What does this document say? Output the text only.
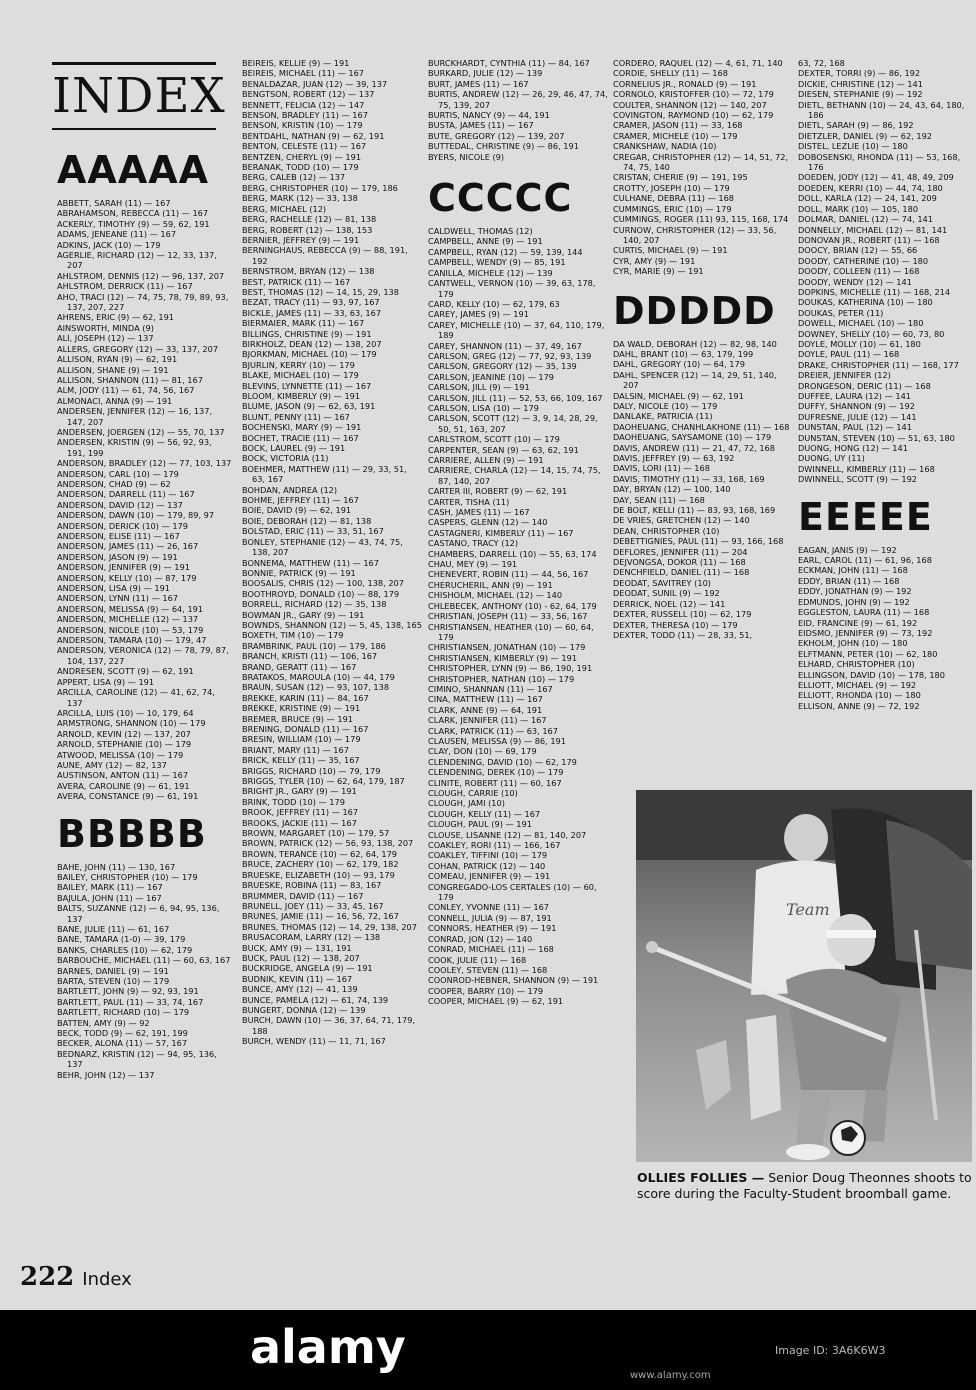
INDEX
AAAAA

ABBETT, SARAH (11) — 167

ABRAHAMSON, REBECCA (11) — 167

ACKERLY, TIMOTHY (9) — 59, 62, 191

ADAMS, JENEANE (11) — 167

ADKINS, JACK (10) — 179

AGERLIE, RICHARD (12) — 12, 33, 137, 207

AHLSTROM, DENNIS (12) — 96, 137, 207

AHLSTROM, DERRICK (11) — 167

AHO, TRACI (12) — 74, 75, 78, 79, 89, 93, 137, 207, 227

AHRENS, ERIC (9) — 62, 191

AINSWORTH, MINDA (9)

ALI, JOSEPH (12) — 137

ALLERS, GREGORY (12) — 33, 137, 207

ALLISON, RYAN (9) — 62, 191

ALLISON, SHANE (9) — 191

ALLISON, SHANNON (11) — 81, 167

ALM, JODY (11) — 61, 74, 56, 167

ALMONACI, ANNA (9) — 191

ANDERSEN, JENNIFER (12) — 16, 137, 147, 207

ANDERSEN, JOERGEN (12) — 55, 70, 137

ANDERSEN, KRISTIN (9) — 56, 92, 93, 191, 199

ANDERSON, BRADLEY (12) — 77, 103, 137

ANDERSON, CARL (10) — 179

ANDERSON, CHAD (9) — 62

ANDERSON, DARRELL (11) — 167

ANDERSON, DAVID (12) — 137

ANDERSON, DAWN (10) — 179, 89, 97

ANDERSON, DERICK (10) — 179

ANDERSON, ELISE (11) — 167

ANDERSON, JAMES (11) — 26, 167

ANDERSON, JASON (9) — 191

ANDERSON, JENNIFER (9) — 191

ANDERSON, KELLY (10) — 87, 179

ANDERSON, LISA (9) — 191

ANDERSON, LYNN (11) — 167

ANDERSON, MELISSA (9) — 64, 191

ANDERSON, MICHELLE (12) — 137

ANDERSON, NICOLE (10) — 53, 179

ANDERSON, TAMARA (10) — 179, 47

ANDERSON, VERONICA (12) — 78, 79, 87, 104, 137, 227

ANDRESEN, SCOTT (9) — 62, 191

APPERT, LISA (9) — 191

ARCILLA, CAROLINE (12) — 41, 62, 74, 137

ARCILLA, LUIS (10) — 10, 179, 64

ARMSTRONG, SHANNON (10) — 179

ARNOLD, KEVIN (12) — 137, 207

ARNOLD, STEPHANIE (10) — 179

ATWOOD, MELISSA (10) — 179

AUNE, AMY (12) — 82, 137

AUSTINSON, ANTON (11) — 167

AVERA, CAROLINE (9) — 61, 191

AVERA, CONSTANCE (9) — 61, 191

BBBBB

BAHE, JOHN (11) — 130, 167

BAILEY, CHRISTOPHER (10) — 179

BAILEY, MARK (11) — 167

BAJULA, JOHN (11) — 167

BALTS, SUZANNE (12) — 6, 94, 95, 136, 137

BANE, JULIE (11) — 61, 167

BANE, TAMARA (1-0) — 39, 179

BANKS, CHARLES (10) — 62, 179

BARBOUCHE, MICHAEL (11) — 60, 63, 167

BARNES, DANIEL (9) — 191

BARTA, STEVEN (10) — 179

BARTLETT, JOHN (9) — 92, 93, 191

BARTLETT, PAUL (11) — 33, 74, 167

BARTLETT, RICHARD (10) — 179

BATTEN, AMY (9) — 92

BECK, TODD (9) — 62, 191, 199

BECKER, ALONA (11) — 57, 167

BEDNARZ, KRISTIN (12) — 94, 95, 136, 137

BEHR, JOHN (12) — 137

BEIREIS, KELLIE (9) — 191

BEIREIS, MICHAEL (11) — 167

BENALDAZAR, JUAN (12) — 39, 137

BENGTSON, ROBERT (12) — 137

BENNETT, FELICIA (12) — 147

BENSON, BRADLEY (11) — 167

BENSON, KRISTIN (10) — 179

BENTDAHL, NATHAN (9) — 62, 191

BENTON, CELESTE (11) — 167

BENTZEN, CHERYL (9) — 191

BERANAK, TODD (10) — 179

BERG, CALEB (12) — 137

BERG, CHRISTOPHER (10) — 179, 186

BERG, MARK (12) — 33, 138

BERG, MICHAEL (12)

BERG, RACHELLE (12) — 81, 138

BERG, ROBERT (12) — 138, 153

BERNIER, JEFFREY (9) — 191

BERNINGHAUS, REBECCA (9) — 88, 191, 192

BERNSTROM, BRYAN (12) — 138

BEST, PATRICK (11) — 167

BEST, THOMAS (12) — 14, 15, 29, 138

BEZAT, TRACY (11) — 93, 97, 167

BICKLE, JAMES (11) — 33, 63, 167

BIERMAIER, MARK (11) — 167

BILLINGS, CHRISTINE (9) — 191

BIRKHOLZ, DEAN (12) — 138, 207

BJORKMAN, MICHAEL (10) — 179

BJURLIN, KERRY (10) — 179

BLAKE, MICHAEL (10) — 179

BLEVINS, LYNNETTE (11) — 167

BLOOM, KIMBERLY (9) — 191

BLUME, JASON (9) — 62, 63, 191

BLUNT, PENNY (11) — 167

BOCHENSKI, MARY (9) — 191

BOCHET, TRACIE (11) — 167

BOCK, LAUREL (9) — 191

BOCK, VICTORIA (11)

BOEHMER, MATTHEW (11) — 29, 33, 51, 63, 167

BOHDAN, ANDREA (12)

BOHME, JEFFREY (11) — 167

BOIE, DAVID (9) — 62, 191

BOIE, DEBORAH (12) — 81, 138

BOLSTAD, ERIC (11) — 33, 51, 167

BONLEY, STEPHANIE (12) — 43, 74, 75, 138, 207

BONNEMA, MATTHEW (11) — 167

BONNIE, PATRICK (9) — 191

BOOSALIS, CHRIS (12) — 100, 138, 207

BOOTHROYD, DONALD (10) — 88, 179

BORRELL, RICHARD (12) — 35, 138

BOWMAN JR., GARY (9) — 191

BOWNDS, SHANNON (12) — 5, 45, 138, 165

BOXETH, TIM (10) — 179

BRAMBRINK, PAUL (10) — 179, 186

BRANCH, KRISTI (11) — 106, 167

BRAND, GERATT (11) — 167

BRATAKOS, MAROULA (10) — 44, 179

BRAUN, SUSAN (12) — 93, 107, 138

BREKKE, KARIN (11) — 84, 167

BREKKE, KRISTINE (9) — 191

BREMER, BRUCE (9) — 191

BRENING, DONALD (11) — 167

BRESIN, WILLIAM (10) — 179

BRIANT, MARY (11) — 167

BRICK, KELLY (11) — 35, 167

BRIGGS, RICHARD (10) — 79, 179

BRIGGS, TYLER (10) — 62, 64, 179, 187

BRIGHT JR., GARY (9) — 191

BRINK, TODD (10) — 179

BROOK, JEFFREY (11) — 167

BROOKS, JACKIE (11) — 167

BROWN, MARGARET (10) — 179, 57

BROWN, PATRICK (12) — 56, 93, 138, 207

BROWN, TERANCE (10) — 62, 64, 179

BRUCE, ZACHERY (10) — 62, 179, 182

BRUESKE, ELIZABETH (10) — 93, 179

BRUESKE, ROBINA (11) — 83, 167

BRUMMER, DAVID (11) — 167

BRUNELL, JOEY (11) — 33, 45, 167

BRUNES, JAMIE (11) — 16, 56, 72, 167

BRUNES, THOMAS (12) — 14, 29, 138, 207

BRUSACORAM, LARRY (12) — 138

BUCK, AMY (9) — 131, 191

BUCK, PAUL (12) — 138, 207

BUCKRIDGE, ANGELA (9) — 191

BUDNIK, KEVIN (11) — 167

BUNCE, AMY (12) — 41, 139

BUNCE, PAMELA (12) — 61, 74, 139

BUNGERT, DONNA (12) — 139

BURCH, DAWN (10) — 36, 37, 64, 71, 179, 188

BURCH, WENDY (11) — 11, 71, 167

BURCKHARDT, CYNTHIA (11) — 84, 167

BURKARD, JULIE (12) — 139

BURT, JAMES (11) — 167

BURTIS, ANDREW (12) — 26, 29, 46, 47, 74, 75, 139, 207

BURTIS, NANCY (9) — 44, 191

BUSTA, JAMES (11) — 167

BUTE, GREGORY (12) — 139, 207

BUTTEDAL, CHRISTINE (9) — 86, 191

BYERS, NICOLE (9)

CCCCC

CALDWELL, THOMAS (12)

CAMPBELL, ANNE (9) — 191

CAMPBELL, RYAN (12) — 59, 139, 144

CAMPBELL, WENDY (9) — 85, 191

CANILLA, MICHELE (12) — 139

CANTWELL, VERNON (10) — 39, 63, 178, 179

CARD, KELLY (10) — 62, 179, 63

CAREY, JAMES (9) — 191

CAREY, MICHELLE (10) — 37, 64, 110, 179, 189

CAREY, SHANNON (11) — 37, 49, 167

CARLSON, GREG (12) — 77, 92, 93, 139

CARLSON, GREGORY (12) — 35, 139

CARLSON, JEANINE (10) — 179

CARLSON, JILL (9) — 191

CARLSON, JILL (11) — 52, 53, 66, 109, 167

CARLSON, LISA (10) — 179

CARLSON, SCOTT (12) — 3, 9, 14, 28, 29, 50, 51, 163, 207

CARLSTROM, SCOTT (10) — 179

CARPENTER, SEAN (9) — 63, 62, 191

CARRIERE, ALLEN (9) — 191

CARRIERE, CHARLA (12) — 14, 15, 74, 75, 87, 140, 207

CARTER III, ROBERT (9) — 62, 191

CARTER, TISHA (11)

CASH, JAMES (11) — 167

CASPERS, GLENN (12) — 140

CASTAGNERI, KIMBERLY (11) — 167

CASTANO, TRACY (12)

CHAMBERS, DARRELL (10) — 55, 63, 174

CHAU, MEY (9) — 191

CHENEVERT, ROBIN (11) — 44, 56, 167

CHERUCHERIL, ANN (9) — 191

CHISHOLM, MICHAEL (12) — 140

CHLEBECEK, ANTHONY (10) - 62, 64, 179

CHRISTIAN, JOSEPH (11) — 33, 56, 167

CHRISTIANSEN, HEATHER (10) — 60, 64, 179

CHRISTIANSEN, JONATHAN (10) — 179

CHRISTIANSEN, KIMBERLY (9) — 191

CHRISTOPHER, LYNN (9) — 86, 190, 191

CHRISTOPHER, NATHAN (10) — 179

CIMINO, SHANNAN (11) — 167

CINA, MATTHEW (11) — 167

CLARK, ANNE (9) — 64, 191

CLARK, JENNIFER (11) — 167

CLARK, PATRICK (11) — 63, 167

CLAUSEN, MELISSA (9) — 86, 191

CLAY, DON (10) — 69, 179

CLENDENING, DAVID (10) — 62, 179

CLENDENING, DEREK (10) — 179

CLINITE, ROBERT (11) — 60, 167

CLOUGH, CARRIE (10)

CLOUGH, JAMI (10)

CLOUGH, KELLY (11) — 167

CLOUGH, PAUL (9) — 191

CLOUSE, LISANNE (12) — 81, 140, 207

COAKLEY, RORI (11) — 166, 167

COAKLEY, TIFFINI (10) — 179

COHAN, PATRICK (12) — 140

COMEAU, JENNIFER (9) — 191

CONGREGADO-LOS CERTALES (10) — 60, 179

CONLEY, YVONNE (11) — 167

CONNELL, JULIA (9) — 87, 191

CONNORS, HEATHER (9) — 191

CONRAD, JON (12) — 140

CONRAD, MICHAEL (11) — 168

COOK, JULIE (11) — 168

COOLEY, STEVEN (11) — 168

COONROD-HEBNER, SHANNON (9) — 191

COOPER, BARRY (10) — 179

COOPER, MICHAEL (9) — 62, 191

CORDERO, RAQUEL (12) — 4, 61, 71, 140

CORDIE, SHELLY (11) — 168

CORNELIUS JR., RONALD (9) — 191

CORNOLO, KRISTOFFER (10) — 72, 179

COULTER, SHANNON (12) — 140, 207

COVINGTON, RAYMOND (10) — 62, 179

CRAMER, JASON (11) — 33, 168

CRAMER, MICHELE (10) — 179

CRANKSHAW, NADIA (10)

CREGAR, CHRISTOPHER (12) — 14, 51, 72, 74, 75, 140

CRISTAN, CHERIE (9) — 191, 195

CROTTY, JOSEPH (10) — 179

CULHANE, DEBRA (11) — 168

CUMMINGS, ERIC (10) — 179

CUMMINGS, ROGER (11) 93, 115, 168, 174

CURNOW, CHRISTOPHER (12) — 33, 56, 140, 207

CURTIS, MICHAEL (9) — 191

CYR, AMY (9) — 191

CYR, MARIE (9) — 191

DDDDD

DA WALD, DEBORAH (12) — 82, 98, 140

DAHL, BRANT (10) — 63, 179, 199

DAHL, GREGORY (10) — 64, 179

DAHL, SPENCER (12) — 14, 29, 51, 140, 207

DALSIN, MICHAEL (9) — 62, 191

DALY, NICOLE (10) — 179

DANLAKE, PATRICIA (11)

DAOHEUANG, CHANHLAKHONE (11) — 168

DAOHEUANG, SAYSAMONE (10) — 179

DAVIS, ANDREW (11) — 21, 47, 72, 168

DAVIS, JEFFREY (9) — 63, 192

DAVIS, LORI (11) — 168

DAVIS, TIMOTHY (11) — 33, 168, 169

DAY, BRYAN (12) — 100, 140

DAY, SEAN (11) — 168

DE BOLT, KELLI (11) — 83, 93, 168, 169

DE VRIES, GRETCHEN (12) — 140

DEAN, CHRISTOPHER (10)

DEBETTIGNIES, PAUL (11) — 93, 166, 168

DEFLORES, JENNIFER (11) — 204

DEJVONGSA, DOKOR (11) — 168

DENCHFIELD, DANIEL (11) — 168

DEODAT, SAVITREY (10)

DEODAT, SUNIL (9) — 192

DERRICK, NOEL (12) — 141

DEXTER, RUSSELL (10) — 62, 179

DEXTER, THERESA (10) — 179

DEXTER, TODD (11) — 28, 33, 51,

63, 72, 168

DEXTER, TORRI (9) — 86, 192

DICKIE, CHRISTINE (12) — 141

DIESEN, STEPHANIE (9) — 192

DIETL, BETHANN (10) — 24, 43, 64, 180, 186

DIETL, SARAH (9) — 86, 192

DIETZLER, DANIEL (9) — 62, 192

DISTEL, LEZLIE (10) — 180

DOBOSENSKI, RHONDA (11) — 53, 168, 176

DOEDEN, JODY (12) — 41, 48, 49, 209

DOEDEN, KERRI (10) — 44, 74, 180

DOLL, KARLA (12) — 24, 141, 209

DOLL, MARK (10) — 105, 180

DOLMAR, DANIEL (12) — 74, 141

DONNELLY, MICHAEL (12) — 81, 141

DONOVAN JR., ROBERT (11) — 168

DOOCY, BRIAN (12) — 55, 66

DOODY, CATHERINE (10) — 180

DOODY, COLLEEN (11) — 168

DOODY, WENDY (12) — 141

DOPKINS, MICHELLE (11) — 168, 214

DOUKAS, KATHERINA (10) — 180

DOUKAS, PETER (11)

DOWELL, MICHAEL (10) — 180

DOWNEY, SHELLY (10) — 60, 73, 80

DOYLE, MOLLY (10) — 61, 180

DOYLE, PAUL (11) — 168

DRAKE, CHRISTOPHER (11) — 168, 177

DREIER, JENNIFER (12)

DRONGESON, DERIC (11) — 168

DUFFEE, LAURA (12) — 141

DUFFY, SHANNON (9) — 192

DUFRESNE, JULIE (12) — 141

DUNSTAN, PAUL (12) — 141

DUNSTAN, STEVEN (10) — 51, 63, 180

DUONG, HONG (12) — 141

DUONG, UY (11)

DWINNELL, KIMBERLY (11) — 168

DWINNELL, SCOTT (9) — 192

EEEEE

EAGAN, JANIS (9) — 192

EARL, CAROL (11) — 61, 96, 168

ECKMAN, JOHN (11) — 168

EDDY, BRIAN (11) — 168

EDDY, JONATHAN (9) — 192

EDMUNDS, JOHN (9) — 192

EGGLESTON, LAURA (11) — 168

EID, FRANCINE (9) — 61, 192

EIDSMO, JENNIFER (9) — 73, 192

EKHOLM, JOHN (10) — 180

ELFTMANN, PETER (10) — 62, 180

ELHARD, CHRISTOPHER (10)

ELLINGSON, DAVID (10) — 178, 180

ELLIOTT, MICHAEL (9) — 192

ELLIOTT, RHONDA (10) — 180

ELLISON, ANNE (9) — 72, 192

Team
OLLIES FOLLIES — Senior Doug Theonnes shoots to score during the Faculty-Student broomball game.
222 Index
alamy	Image ID: 3A6K6W3
www.alamy.com
